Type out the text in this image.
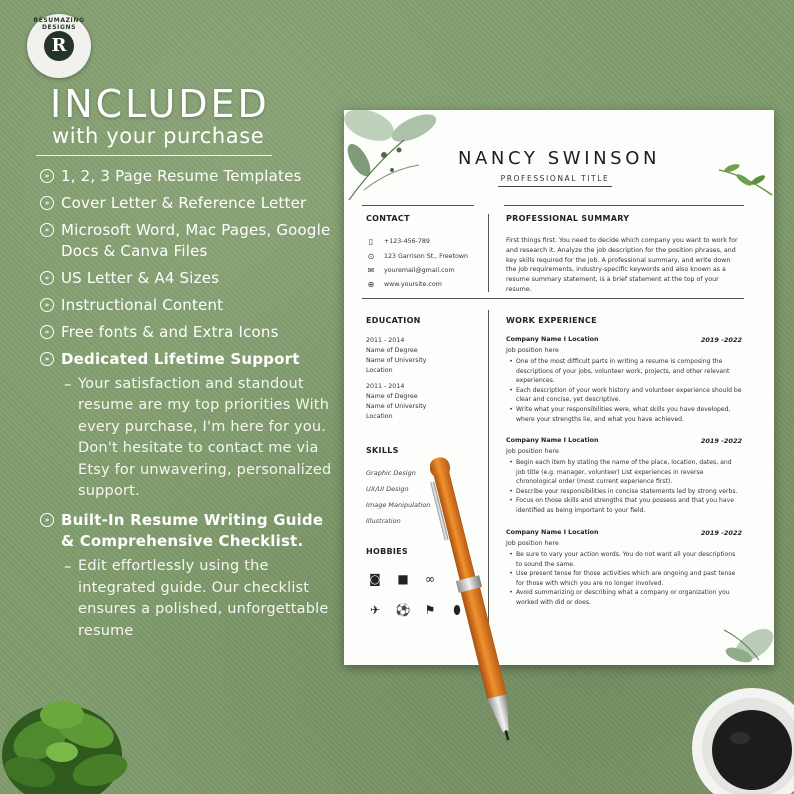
RESUMAZING DESIGNS
R
INCLUDED
with your purchase
» 1, 2, 3 Page Resume Templates
» Cover Letter & Reference Letter
» Microsoft Word, Mac Pages, Google Docs & Canva Files
» US Letter & A4 Sizes
» Instructional Content
» Free fonts & and Extra Icons
» Dedicated Lifetime Support
– Your satisfaction and standout resume are my top priorities With every purchase, I'm here for you. Don't hesitate to contact me via Etsy for unwavering, personalized support.
» Built-In Resume Writing Guide & Comprehensive Checklist.
– Edit effortlessly using the integrated guide. Our checklist ensures a polished, unforgettable resume
NANCY SWINSON
PROFESSIONAL TITLE
CONTACT
▯	+123-456-789
⊙ 123 Garrison St., Freetown
✉ youremail@gmail.com
⊕ www.yoursite.com
PROFESSIONAL SUMMARY
First things first. You need to decide which company you want to work for and research it. Analyze the job description for the position phrases, and key skills required for the job. A professional summary, and write down the job requirements, industry-specific keywords and also known as a resume summary statement, is a brief statement at the top of your resume.
EDUCATION
2011 - 2014
Name of Degree
Name of University
Location
2011 - 2014
Name of Degree
Name of University
Location
SKILLS
Graphic Design
UX/UI Design
Image Manipulation
Illustration
HOBBIES
◙ ■ ∞
✈ ⚽ ⚑	⬮
WORK EXPERIENCE
Company Name I Location	2019 -2022
Job position here
• One of the most difficult parts in writing a resume is composing the descriptions of your jobs, volunteer work, projects, and other relevant experiences.
• Each description of your work history and volunteer experience should be clear and concise, yet descriptive.
• Write what your responsibilities were, what skills you have developed, where your strengths lie, and what you have achieved.
Company Name I Location	2019 -2022
Job position here
• Begin each item by stating the name of the place, location, dates, and job title (e.g. manager, volunteer) List experiences in reverse chronological order (most current experience first).
• Describe your responsibilities in concise statements led by strong verbs.
• Focus on those skills and strengths that you possess and that you have identified as being important to your field.
Company Name I Location	2019 -2022
Job position here
• Be sure to vary your action words. You do not want all your descriptions to sound the same.
• Use present tense for those activities which are ongoing and past tense for those with which you are no longer involved.
• Avoid summarizing or describing what a company or organization you worked with did or does.
